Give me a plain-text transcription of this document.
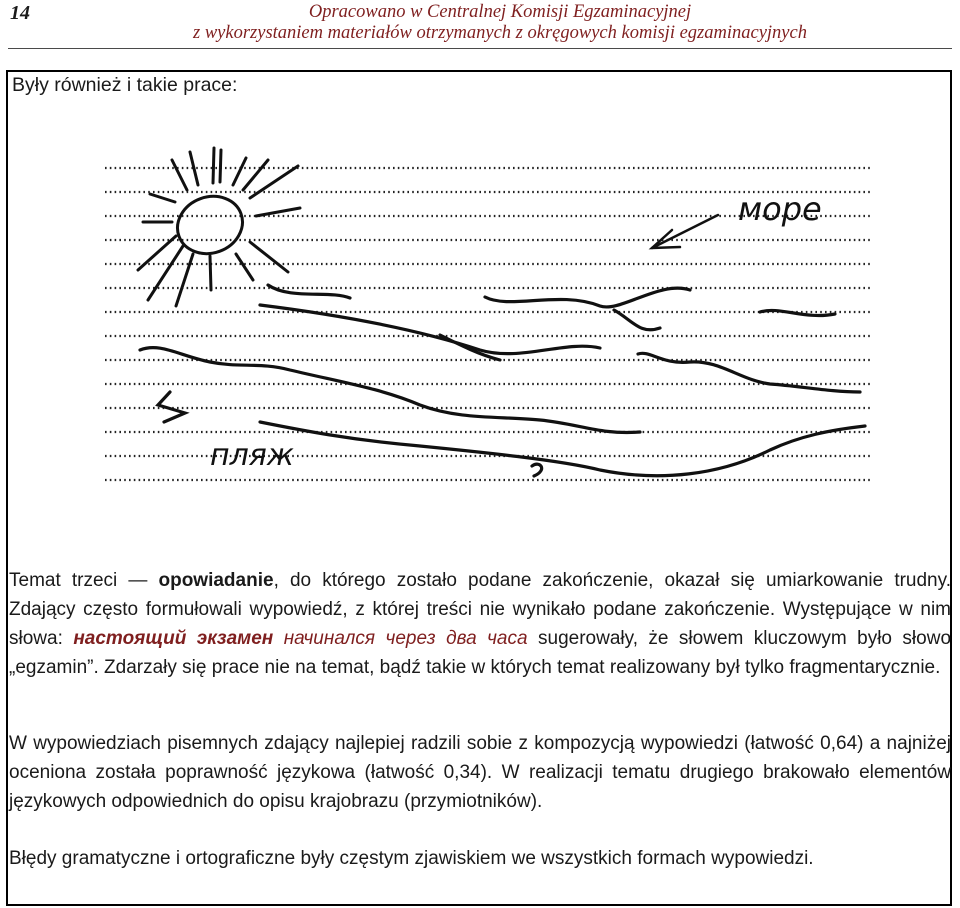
14	Opracowano w Centralnej Komisji Egzaminacyjnej
z wykorzystaniem materiałów otrzymanych z okręgowych komisji egzaminacyjnych
Były również i takie prace:
море
пляж

Temat trzeci — opowiadanie, do którego zostało podane zakończenie, okazał się umiarkowanie trudny. Zdający często formułowali wypowiedź, z której treści nie wynikało podane zakończenie. Występujące w nim słowa: настоящий экзамен начинался через два часа sugerowały, że słowem kluczowym było słowo „egzamin”. Zdarzały się prace nie na temat, bądź takie w których temat realizowany był tylko fragmentarycznie.

W wypowiedziach pisemnych zdający najlepiej radzili sobie z kompozycją wypowiedzi (łatwość 0,64) a najniżej oceniona została poprawność językowa (łatwość 0,34). W realizacji tematu drugiego brakowało elementów językowych odpowiednich do opisu krajobrazu (przymiotników).

Błędy gramatyczne i ortograficzne były częstym zjawiskiem we wszystkich formach wypowiedzi.
